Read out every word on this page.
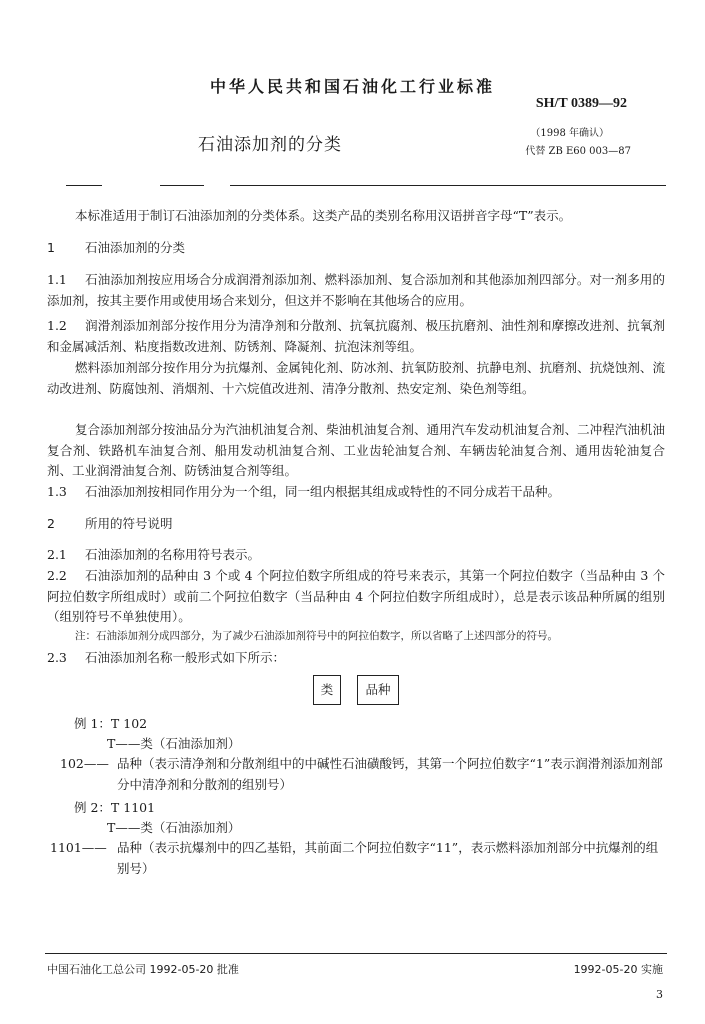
中华人民共和国石油化工行业标准
SH/T 0389—92
石油添加剂的分类
（1998 年确认）
代替 ZB E60 003—87
本标准适用于制订石油添加剂的分类体系。这类产品的类别名称用汉语拼音字母“T”表示。
1 石油添加剂的分类
1.1 石油添加剂按应用场合分成润滑剂添加剂、燃料添加剂、复合添加剂和其他添加剂四部分。对一剂多用的添加剂，按其主要作用或使用场合来划分，但这并不影响在其他场合的应用。
1.2 润滑剂添加剂部分按作用分为清净剂和分散剂、抗氧抗腐剂、极压抗磨剂、油性剂和摩擦改进剂、抗氧剂和金属减活剂、粘度指数改进剂、防锈剂、降凝剂、抗泡沫剂等组。
燃料添加剂部分按作用分为抗爆剂、金属钝化剂、防冰剂、抗氧防胶剂、抗静电剂、抗磨剂、抗烧蚀剂、流动改进剂、防腐蚀剂、消烟剂、十六烷值改进剂、清净分散剂、热安定剂、染色剂等组。
复合添加剂部分按油品分为汽油机油复合剂、柴油机油复合剂、通用汽车发动机油复合剂、二冲程汽油机油复合剂、铁路机车油复合剂、船用发动机油复合剂、工业齿轮油复合剂、车辆齿轮油复合剂、通用齿轮油复合剂、工业润滑油复合剂、防锈油复合剂等组。
1.3 石油添加剂按相同作用分为一个组，同一组内根据其组成或特性的不同分成若干品种。
2 所用的符号说明
2.1 石油添加剂的名称用符号表示。
2.2 石油添加剂的品种由 3 个或 4 个阿拉伯数字所组成的符号来表示，其第一个阿拉伯数字（当品种由 3 个阿拉伯数字所组成时）或前二个阿拉伯数字（当品种由 4 个阿拉伯数字所组成时），总是表示该品种所属的组别（组别符号不单独使用）。
注：石油添加剂分成四部分，为了减少石油添加剂符号中的阿拉伯数字，所以省略了上述四部分的符号。
2.3 石油添加剂名称一般形式如下所示：
类	品种
例 1：T 102
T——类（石油添加剂）
102—— 品种（表示清净剂和分散剂组中的中碱性石油磺酸钙，其第一个阿拉伯数字“1”表示润滑剂添加剂部分中清净剂和分散剂的组别号）
例 2：T 1101
T——类（石油添加剂）
1101—— 品种（表示抗爆剂中的四乙基铅，其前面二个阿拉伯数字“11”，表示燃料添加剂部分中抗爆剂的组别号）
中国石油化工总公司 1992-05-20 批准	1992-05-20 实施
3
